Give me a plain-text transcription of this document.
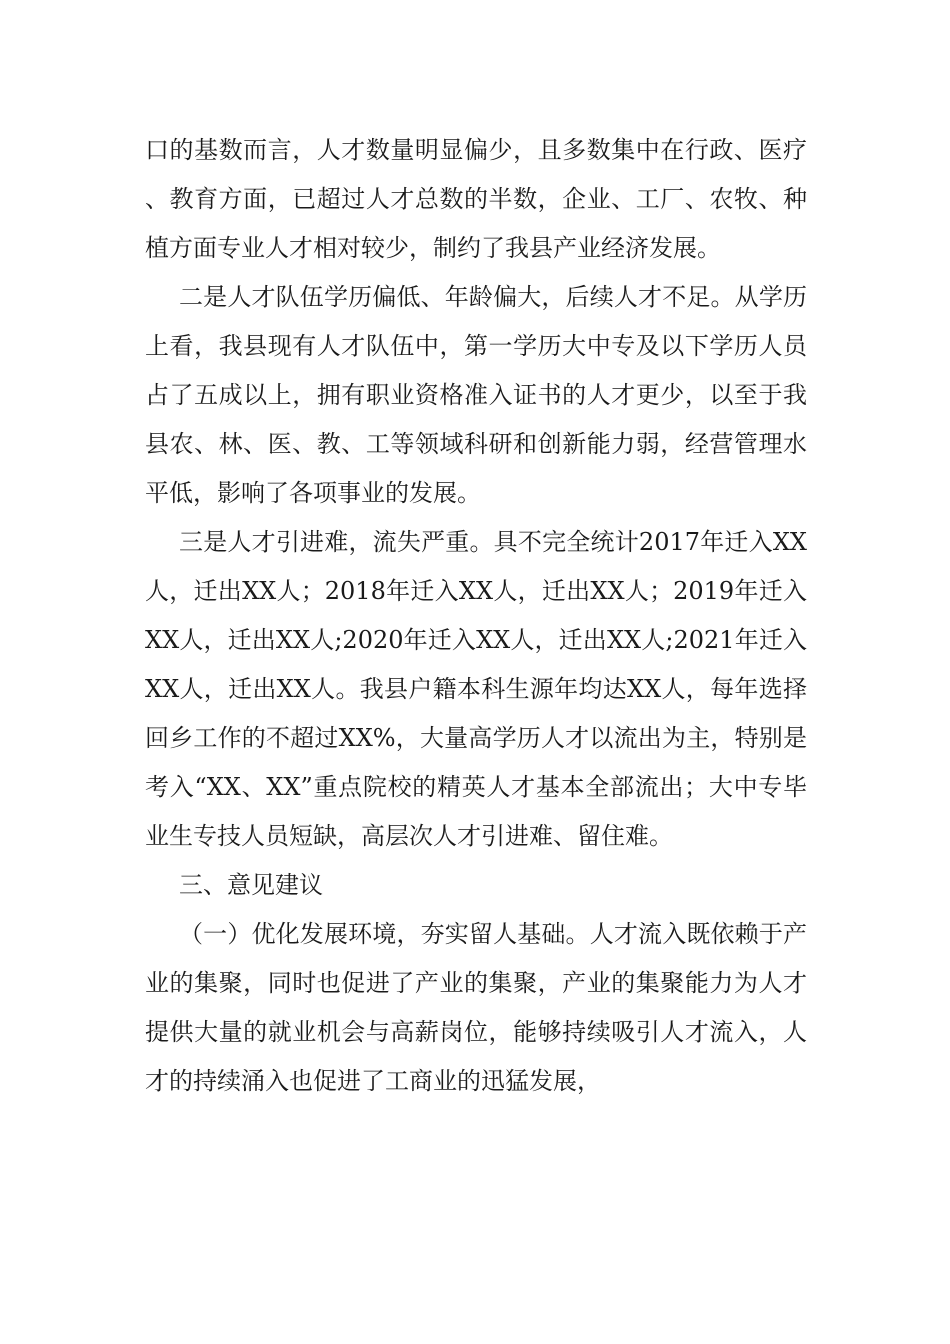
口的基数而言，人才数量明显偏少，且多数集中在行政、医疗、教育方面，已超过人才总数的半数，企业、工厂、农牧、种植方面专业人才相对较少，制约了我县产业经济发展。

二是人才队伍学历偏低、年龄偏大，后续人才不足。从学历上看，我县现有人才队伍中，第一学历大中专及以下学历人员占了五成以上，拥有职业资格准入证书的人才更少，以至于我县农、林、医、教、工等领域科研和创新能力弱，经营管理水平低，影响了各项事业的发展。

三是人才引进难，流失严重。具不完全统计2017年迁入XX人，迁出XX人；2018年迁入XX人，迁出XX人；2019年迁入XX人，迁出XX人;2020年迁入XX人，迁出XX人;2021年迁入XX人，迁出XX人。我县户籍本科生源年均达XX人，每年选择回乡工作的不超过XX%，大量高学历人才以流出为主，特别是考入“XX、XX”重点院校的精英人才基本全部流出；大中专毕业生专技人员短缺，高层次人才引进难、留住难。

三、意见建议

（一）优化发展环境，夯实留人基础。人才流入既依赖于产业的集聚，同时也促进了产业的集聚，产业的集聚能力为人才提供大量的就业机会与高薪岗位，能够持续吸引人才流入，人才的持续涌入也促进了工商业的迅猛发展，
